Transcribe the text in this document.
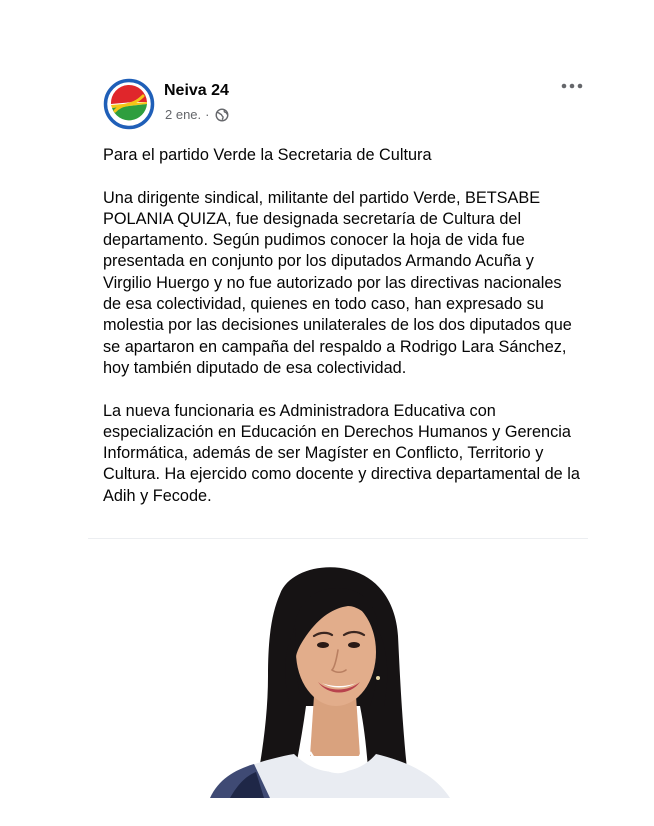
Neiva 24
2 ene. ·

Para el partido Verde la Secretaria de Cultura

Una dirigente sindical, militante del partido Verde, BETSABE POLANIA QUIZA, fue designada secretaría de Cultura del departamento. Según pudimos conocer la hoja de vida fue presentada en conjunto por los diputados Armando Acuña y Virgilio Huergo y no fue autorizado por las directivas nacionales de esa colectividad, quienes en todo caso, han expresado su molestia por las decisiones unilaterales de los dos diputados que se apartaron en campaña del respaldo a Rodrigo Lara Sánchez, hoy también diputado de esa colectividad.

La nueva funcionaria es Administradora Educativa con especialización en Educación en Derechos Humanos y Gerencia Informática, además de ser Magíster en Conflicto, Territorio y Cultura. Ha ejercido como docente y directiva departamental de la Adih y Fecode.
